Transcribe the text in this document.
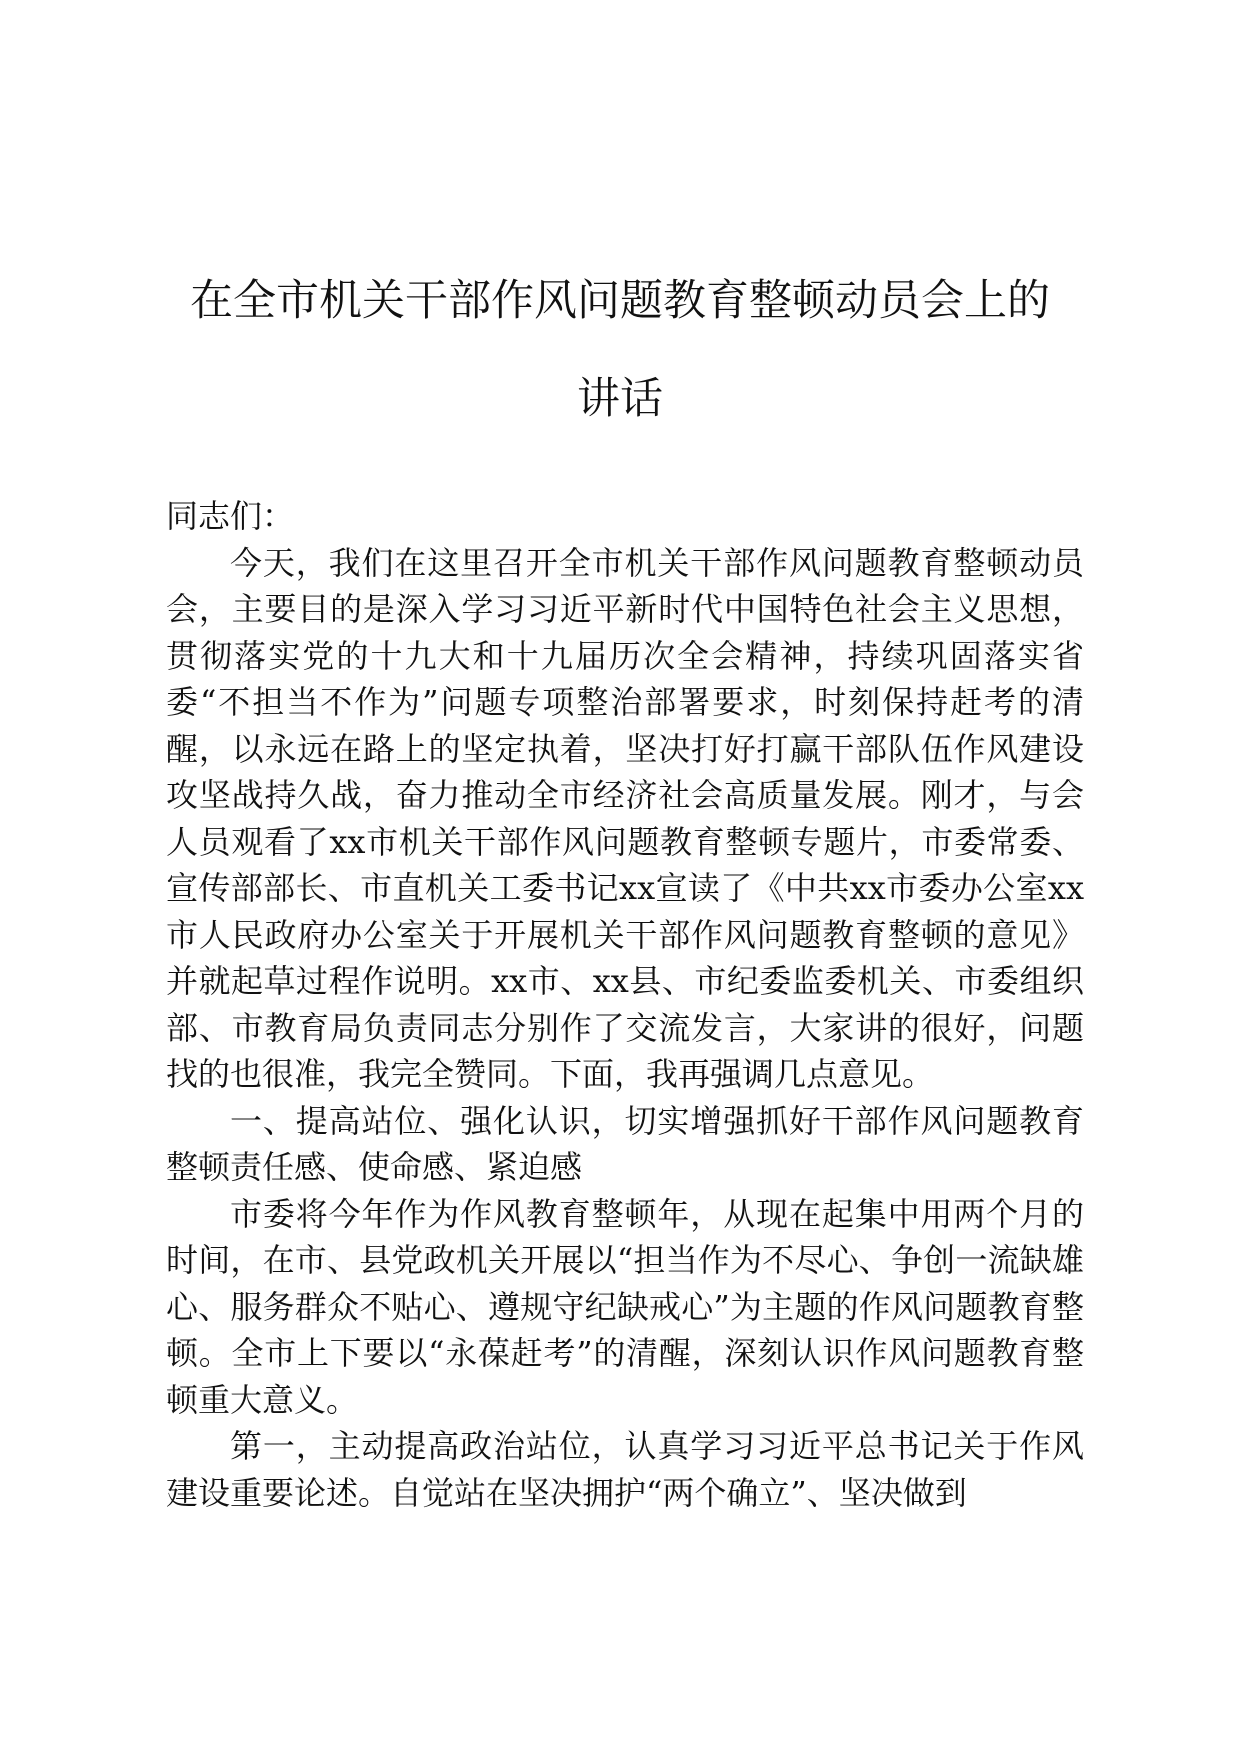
在全市机关干部作风问题教育整顿动员会上的
讲话

同志们：

今天，我们在这里召开全市机关干部作风问题教育整顿动员会，主要目的是深入学习习近平新时代中国特色社会主义思想，贯彻落实党的十九大和十九届历次全会精神，持续巩固落实省委“不担当不作为”问题专项整治部署要求，时刻保持赶考的清醒，以永远在路上的坚定执着，坚决打好打赢干部队伍作风建设攻坚战持久战，奋力推动全市经济社会高质量发展。刚才，与会人员观看了xx市机关干部作风问题教育整顿专题片，市委常委、宣传部部长、市直机关工委书记xx宣读了《中共xx市委办公室xx市人民政府办公室关于开展机关干部作风问题教育整顿的意见》并就起草过程作说明。xx市、xx县、市纪委监委机关、市委组织部、市教育局负责同志分别作了交流发言，大家讲的很好，问题找的也很准，我完全赞同。下面，我再强调几点意见。

一、提高站位、强化认识，切实增强抓好干部作风问题教育整顿责任感、使命感、紧迫感

市委将今年作为作风教育整顿年，从现在起集中用两个月的时间，在市、县党政机关开展以“担当作为不尽心、争创一流缺雄心、服务群众不贴心、遵规守纪缺戒心”为主题的作风问题教育整顿。全市上下要以“永葆赶考”的清醒，深刻认识作风问题教育整顿重大意义。

第一，主动提高政治站位，认真学习习近平总书记关于作风建设重要论述。自觉站在坚决拥护“两个确立”、坚决做到
